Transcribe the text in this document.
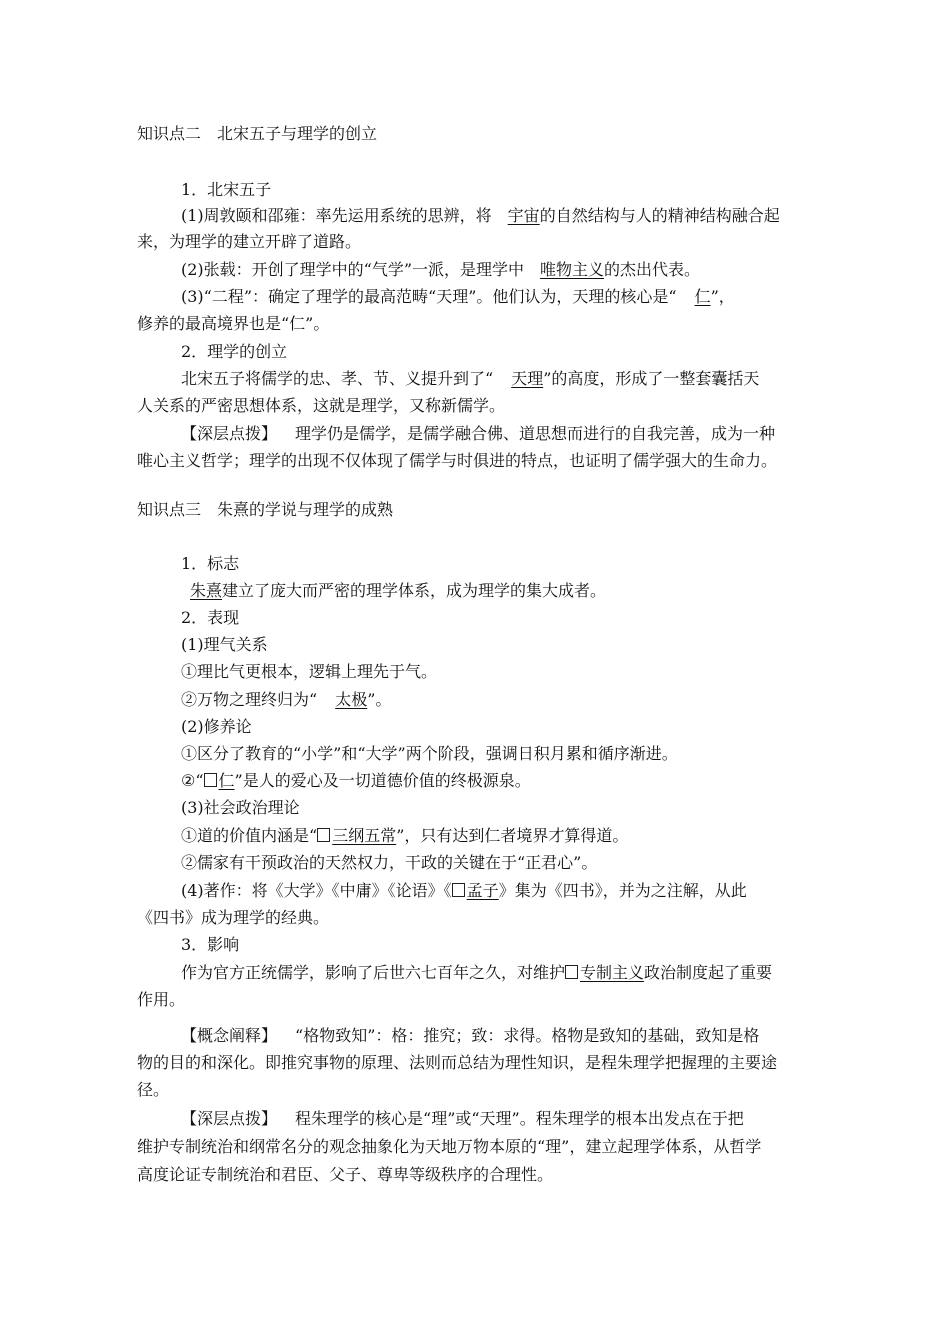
知识点二　北宋五子与理学的创立
1．北宋五子
(1)周敦颐和邵雍：率先运用系统的思辨，将 宇宙的自然结构与人的精神结构融合起
来，为理学的建立开辟了道路。
(2)张载：开创了理学中的“气学”一派，是理学中 唯物主义的杰出代表。
(3)“二程”：确定了理学的最高范畴“天理”。他们认为，天理的核心是“ 仁”，
修养的最高境界也是“仁”。
2．理学的创立
北宋五子将儒学的忠、孝、节、义提升到了“ 天理”的高度，形成了一整套囊括天
人关系的严密思想体系，这就是理学，又称新儒学。
【深层点拨】 理学仍是儒学，是儒学融合佛、道思想而进行的自我完善，成为一种
唯心主义哲学；理学的出现不仅体现了儒学与时俱进的特点，也证明了儒学强大的生命力。
知识点三　朱熹的学说与理学的成熟
1．标志
朱熹建立了庞大而严密的理学体系，成为理学的集大成者。
2．表现
(1)理气关系
①理比气更根本，逻辑上理先于气。
②万物之理终归为“ 太极”。
(2)修养论
①区分了教育的“小学”和“大学”两个阶段，强调日积月累和循序渐进。
②“ 仁”是人的爱心及一切道德价值的终极源泉。
(3)社会政治理论
①道的价值内涵是“ 三纲五常”，只有达到仁者境界才算得道。
②儒家有干预政治的天然权力，干政的关键在于“正君心”。
(4)著作：将《大学》《中庸》《论语》《 孟子》集为《四书》，并为之注解，从此
《四书》成为理学的经典。
3．影响
作为官方正统儒学，影响了后世六七百年之久，对维护 专制主义政治制度起了重要
作用。
【概念阐释】 “格物致知”：格：推究；致：求得。格物是致知的基础，致知是格
物的目的和深化。即推究事物的原理、法则而总结为理性知识，是程朱理学把握理的主要途
径。
【深层点拨】 程朱理学的核心是“理”或“天理”。程朱理学的根本出发点在于把
维护专制统治和纲常名分的观念抽象化为天地万物本原的“理”，建立起理学体系，从哲学
高度论证专制统治和君臣、父子、尊卑等级秩序的合理性。
